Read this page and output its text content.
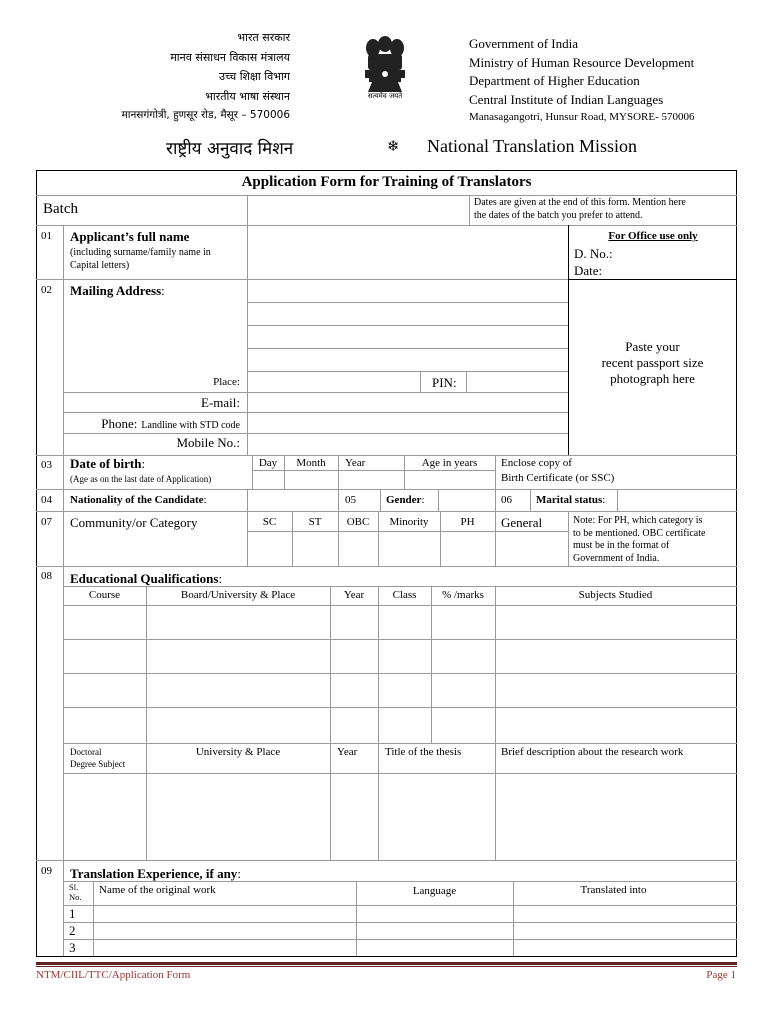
भारत सरकार
मानव संसाधन विकास मंत्रालय
उच्च शिक्षा विभाग
भारतीय भाषा संस्थान
मानसगंगोत्री, हुणसूर रोड, मैसूर – 570006
सत्यमेव जयते
Government of India
Ministry of Human Resource Development
Department of Higher Education
Central Institute of Indian Languages
Manasagangotri, Hunsur Road, MYSORE- 570006
राष्ट्रीय अनुवाद मिशन	❄ National Translation Mission
Application Form for Training of Translators
Batch	Dates are given at the end of this form. Mention here
the dates of the batch you prefer to attend.
01 Applicant’s full name
(including surname/family name in
Capital letters)
For Office use only
D. No.:
Date:
02 Mailing Address:
Place:	PIN:
E-mail:
Phone: Landline with STD code
Mobile No.:
Paste your
recent passport size
photograph here
03 Date of birth:
(Age as on the last date of Application)
Day	Month	Year	Age in years	Enclose copy of
Birth Certificate (or SSC)
04 Nationality of the Candidate:	05	Gender:	06 Marital status:
07 Community/or Category	SC	ST	OBC	Minority	PH	General	Note: For PH, which category is
to be mentioned. OBC certificate
must be in the format of
Government of India.
08 Educational Qualifications:
Course	Board/University & Place	Year	Class	% /marks	Subjects Studied
Doctoral
Degree Subject
University & Place	Year	Title of the thesis	Brief description about the research work
09 Translation Experience, if any:
Sl.
No.
Name of the original work	Language	Translated into
1
2
3
NTM/CIIL/TTC/Application Form	Page 1
